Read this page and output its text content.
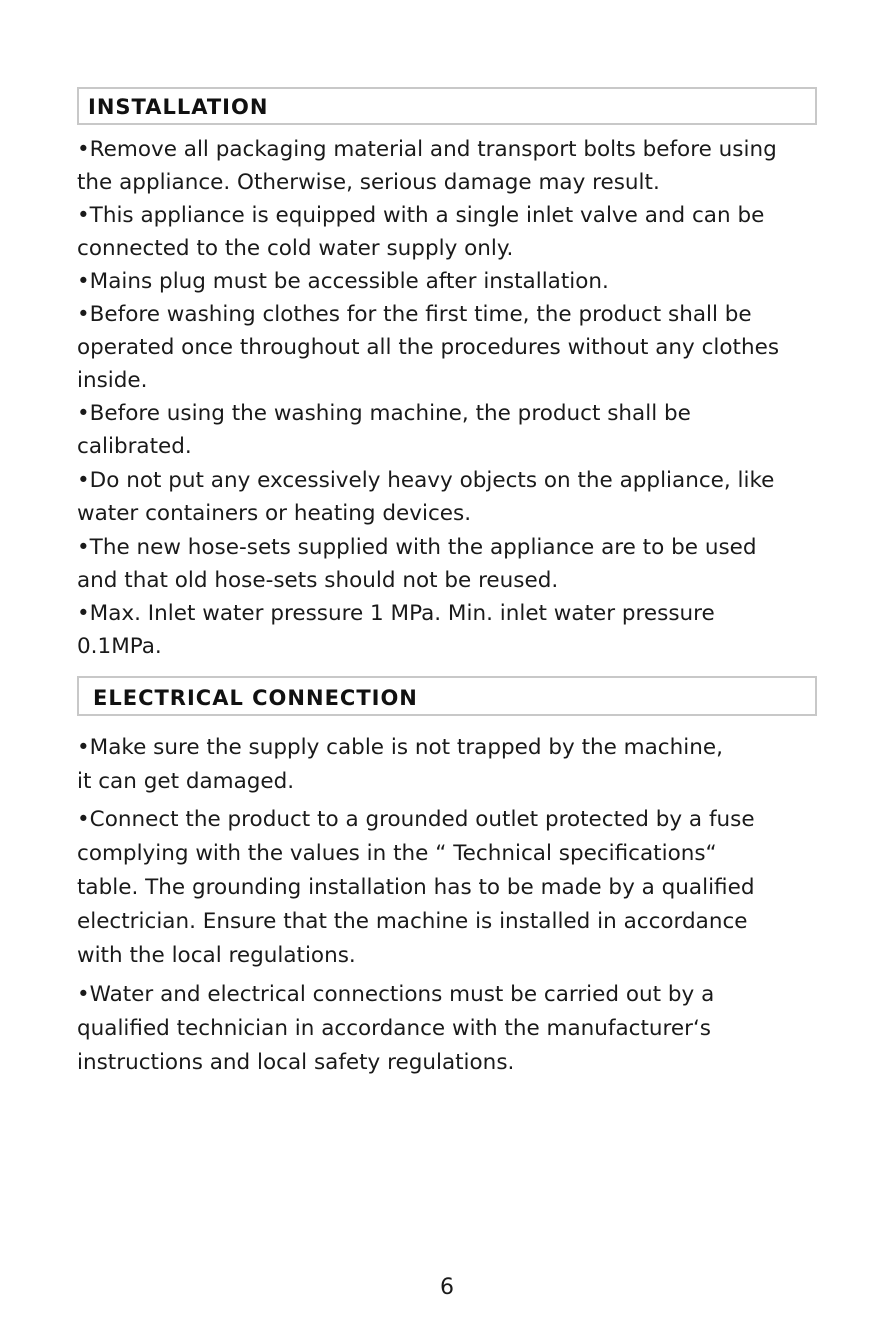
INSTALLATION

•Remove all packaging material and transport bolts before using
the appliance. Otherwise, serious damage may result.

•This appliance is equipped with a single inlet valve and can be
connected to the cold water supply only.

•Mains plug must be accessible after installation.

•Before washing clothes for the first time, the product shall be
operated once throughout all the procedures without any clothes
inside.

•Before using the washing machine, the product shall be
calibrated.

•Do not put any excessively heavy objects on the appliance, like
water containers or heating devices.

•The new hose-sets supplied with the appliance are to be used
and that old hose-sets should not be reused.

•Max. Inlet water pressure 1 MPa. Min. inlet water pressure
0.1MPa.

ELECTRICAL CONNECTION

•Make sure the supply cable is not trapped by the machine,
it can get damaged.

•Connect the product to a grounded outlet protected by a fuse
complying with the values in the “ Technical specifications“
table. The grounding installation has to be made by a qualified
electrician. Ensure that the machine is installed in accordance
with the local regulations.

•Water and electrical connections must be carried out by a
qualified technician in accordance with the manufacturer‘s
instructions and local safety regulations.

6
